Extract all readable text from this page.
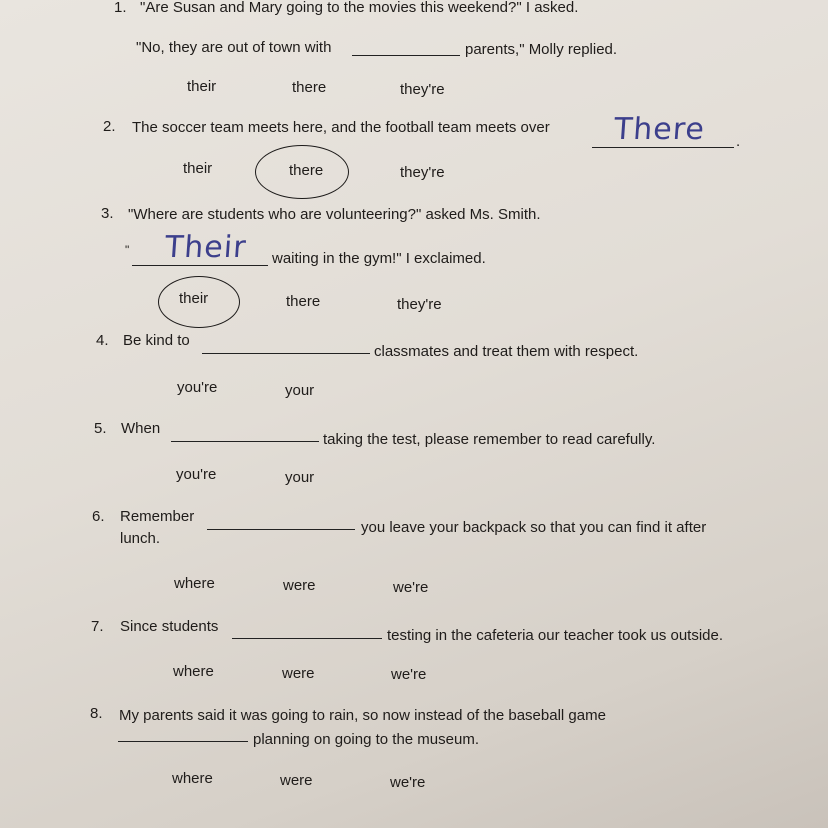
1. "Are Susan and Mary going to the movies this weekend?" I asked.
"No, they are out of town with	parents," Molly replied.
their	there	they're
2. The soccer team meets here, and the football team meets over There .
their	there	they're
3. "Where are students who are volunteering?" asked Ms. Smith.
" Their waiting in the gym!" I exclaimed.
their	there	they're
4. Be kind to
classmates and treat them with respect.
you're	your
5. When
taking the test, please remember to read carefully.
you're	your
6. Remember
you leave your backpack so that you can find it after
lunch.
where	were	we're
7. Since students
testing in the cafeteria our teacher took us outside.
where	were	we're
8. My parents said it was going to rain, so now instead of the baseball game
planning on going to the museum.
where	were	we're
